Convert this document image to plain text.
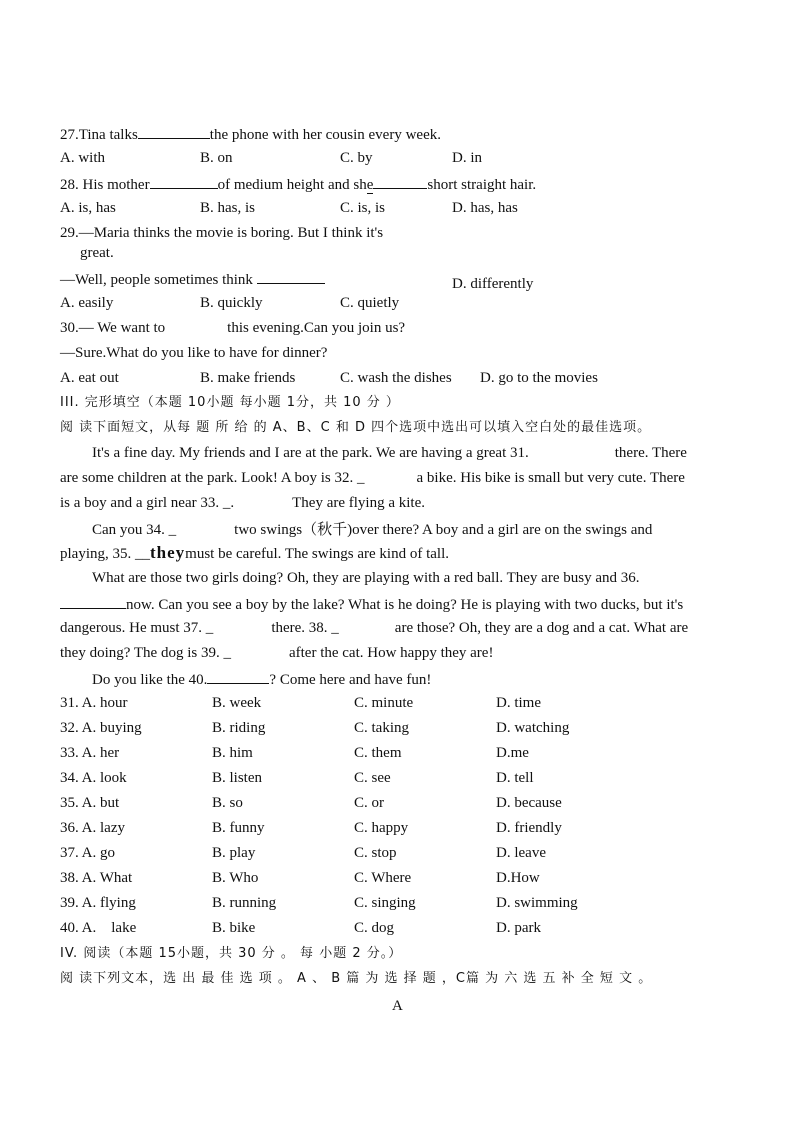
27.Tina talks	the phone with her cousin every week.
A. with	B. on	C. by	D. in
28. His mother	of medium height and she	short straight hair.
A. is, has	B. has, is	C. is, is	D. has, has
29.—Maria thinks the movie is boring. But I think it's
great.
—Well, people sometimes think	D. differently
A. easily	B. quickly	C. quietly
30.— We want to	this evening.Can you join us?
—Sure.What do you like to have for dinner?
A. eat out	B. make friends	C. wash the dishes D. go to the movies
III. 完形填空（本题 10小题 每小题 1分，共 10 分 ）
阅 读下面短文，从每 题 所 给 的 A、B、C 和 D 四个选项中选出可以填入空白处的最佳选项。
It's a fine day. My friends and I are at the park. We are having a great 31.	there. There
are some children at the park. Look! A boy is 32. _	a bike. His bike is small but very cute. There
is a boy and a girl near 33. _.	They are flying a kite.
Can you 34. _	two swings（秋千)over there? A boy and a girl are on the swings and
playing, 35. __theymust be careful. The swings are kind of tall.
What are those two girls doing? Oh, they are playing with a red ball. They are busy and 36.
now. Can you see a boy by the lake? What is he doing? He is playing with two ducks, but it's
dangerous. He must 37. _	there. 38. _	are those? Oh, they are a dog and a cat. What are
they doing? The dog is 39. _	after the cat. How happy they are!
Do you like the 40.	? Come here and have fun!
31. A. hour	B. week	C. minute	D. time
32. A. buying	B. riding	C. taking	D. watching
33. A. her	B. him	C. them	D.me
34. A. look	B. listen	C. see	D. tell
35. A. but	B. so	C. or	D. because
36. A. lazy	B. funny	C. happy	D. friendly
37. A. go	B. play	C. stop	D. leave
38. A. What	B. Who	C. Where	D.How
39. A. flying	B. running	C. singing	D. swimming
40. A.    lake	B. bike	C. dog	D. park
IV. 阅读（本题 15小题，共 30 分 。 每 小题 2 分。）
阅 读下列文本，选 出 最 佳 选 项 。 A 、 B 篇 为 选 择 题 ，C篇 为 六 选 五 补 全 短 文 。
A
